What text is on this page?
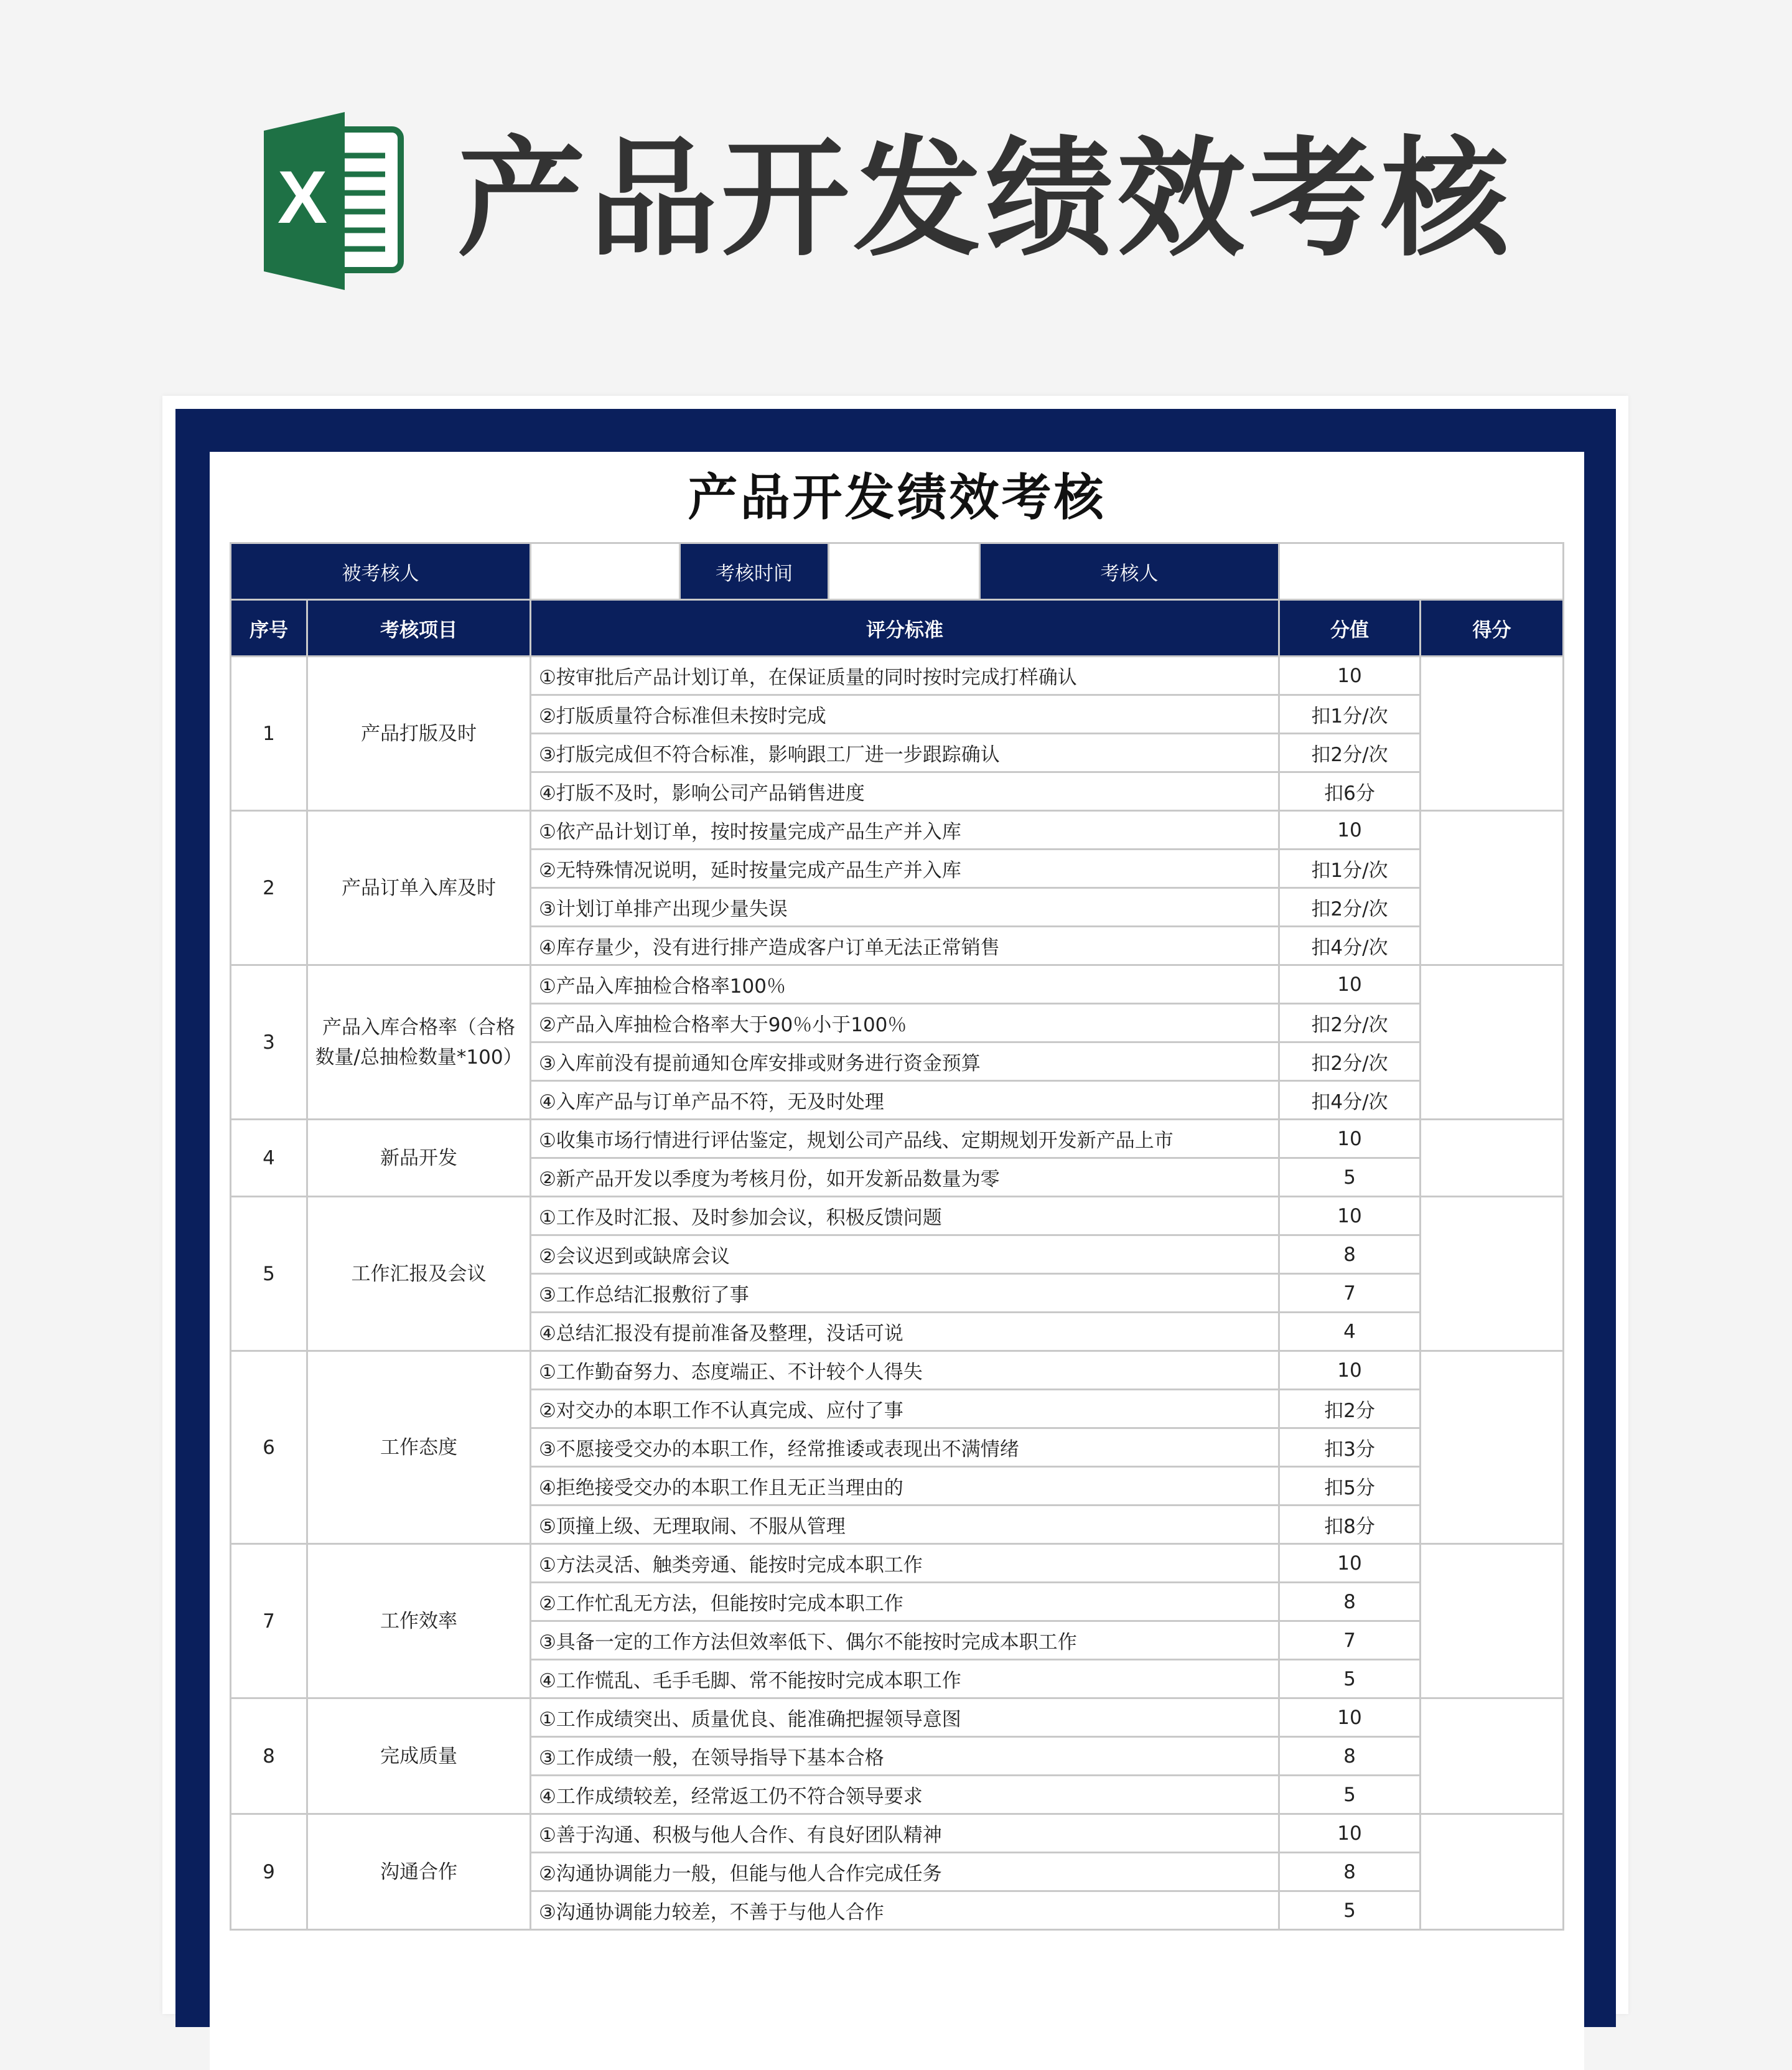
X 产品开发绩效考核
产品开发绩效考核
被考核人			考核时间		考核人		
序号	考核项目	评分标准				分值	得分
1	产品打版及时	①按审批后产品计划订单，在保证质量的同时按时完成打样确认				10	
		②打版质量符合标准但未按时完成				扣1分/次	
		③打版完成但不符合标准，影响跟工厂进一步跟踪确认				扣2分/次	
		④打版不及时，影响公司产品销售进度				扣6分	
2	产品订单入库及时	①依产品计划订单，按时按量完成产品生产并入库				10	
		②无特殊情况说明，延时按量完成产品生产并入库				扣1分/次	
		③计划订单排产出现少量失误				扣2分/次	
		④库存量少，没有进行排产造成客户订单无法正常销售				扣4分/次	
3	产品入库合格率（合格数量/总抽检数量*100）	①产品入库抽检合格率100％				10	
		②产品入库抽检合格率大于90％小于100％				扣2分/次	
		③入库前没有提前通知仓库安排或财务进行资金预算				扣2分/次	
		④入库产品与订单产品不符，无及时处理				扣4分/次	
4	新品开发	①收集市场行情进行评估鉴定，规划公司产品线、定期规划开发新产品上市				10	
		②新产品开发以季度为考核月份，如开发新品数量为零				5	
5	工作汇报及会议	①工作及时汇报、及时参加会议，积极反馈问题				10	
		②会议迟到或缺席会议				8	
		③工作总结汇报敷衍了事				7	
		④总结汇报没有提前准备及整理，没话可说				4	
6	工作态度	①工作勤奋努力、态度端正、不计较个人得失				10	
		②对交办的本职工作不认真完成、应付了事				扣2分	
		③不愿接受交办的本职工作，经常推诿或表现出不满情绪				扣3分	
		④拒绝接受交办的本职工作且无正当理由的				扣5分	
		⑤顶撞上级、无理取闹、不服从管理				扣8分	
7	工作效率	①方法灵活、触类旁通、能按时完成本职工作				10	
		②工作忙乱无方法，但能按时完成本职工作				8	
		③具备一定的工作方法但效率低下、偶尔不能按时完成本职工作				7	
		④工作慌乱、毛手毛脚、常不能按时完成本职工作				5	
8	完成质量	①工作成绩突出、质量优良、能准确把握领导意图				10	
		③工作成绩一般，在领导指导下基本合格				8	
		④工作成绩较差，经常返工仍不符合领导要求				5	
9	沟通合作	①善于沟通、积极与他人合作、有良好团队精神				10	
		②沟通协调能力一般，但能与他人合作完成任务				8	
		③沟通协调能力较差，不善于与他人合作				5	
